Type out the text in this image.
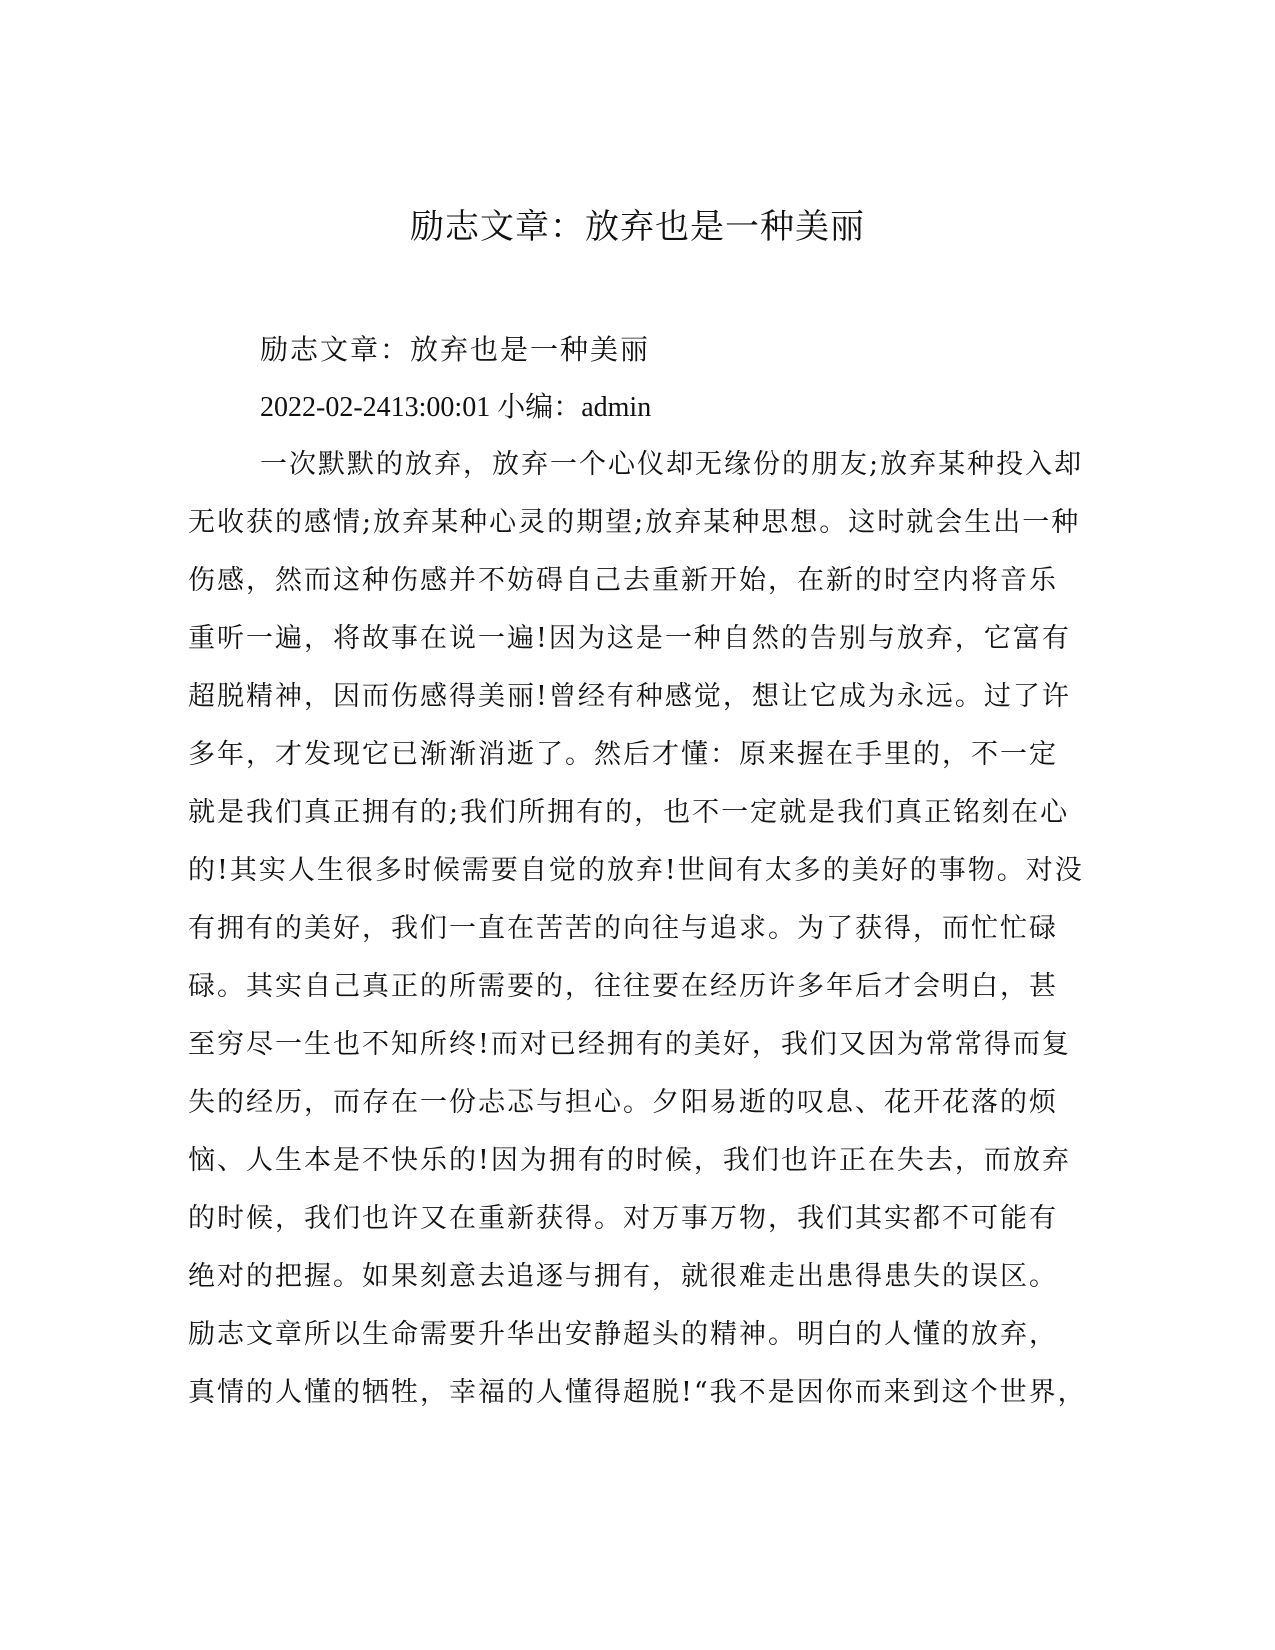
励志文章：放弃也是一种美丽
励志文章：放弃也是一种美丽
2022-02-2413:00:01 小编：admin
一次默默的放弃，放弃一个心仪却无缘份的朋友;放弃某种投入却
无收获的感情;放弃某种心灵的期望;放弃某种思想。这时就会生出一种
伤感，然而这种伤感并不妨碍自己去重新开始，在新的时空内将音乐
重听一遍，将故事在说一遍!因为这是一种自然的告别与放弃，它富有
超脱精神，因而伤感得美丽!曾经有种感觉，想让它成为永远。过了许
多年，才发现它已渐渐消逝了。然后才懂：原来握在手里的，不一定
就是我们真正拥有的;我们所拥有的，也不一定就是我们真正铭刻在心
的!其实人生很多时候需要自觉的放弃!世间有太多的美好的事物。对没
有拥有的美好，我们一直在苦苦的向往与追求。为了获得，而忙忙碌
碌。其实自己真正的所需要的，往往要在经历许多年后才会明白，甚
至穷尽一生也不知所终!而对已经拥有的美好，我们又因为常常得而复
失的经历，而存在一份忐忑与担心。夕阳易逝的叹息、花开花落的烦
恼、人生本是不快乐的!因为拥有的时候，我们也许正在失去，而放弃
的时候，我们也许又在重新获得。对万事万物，我们其实都不可能有
绝对的把握。如果刻意去追逐与拥有，就很难走出患得患失的误区。
励志文章所以生命需要升华出安静超头的精神。明白的人懂的放弃，
真情的人懂的牺牲，幸福的人懂得超脱!“我不是因你而来到这个世界，
